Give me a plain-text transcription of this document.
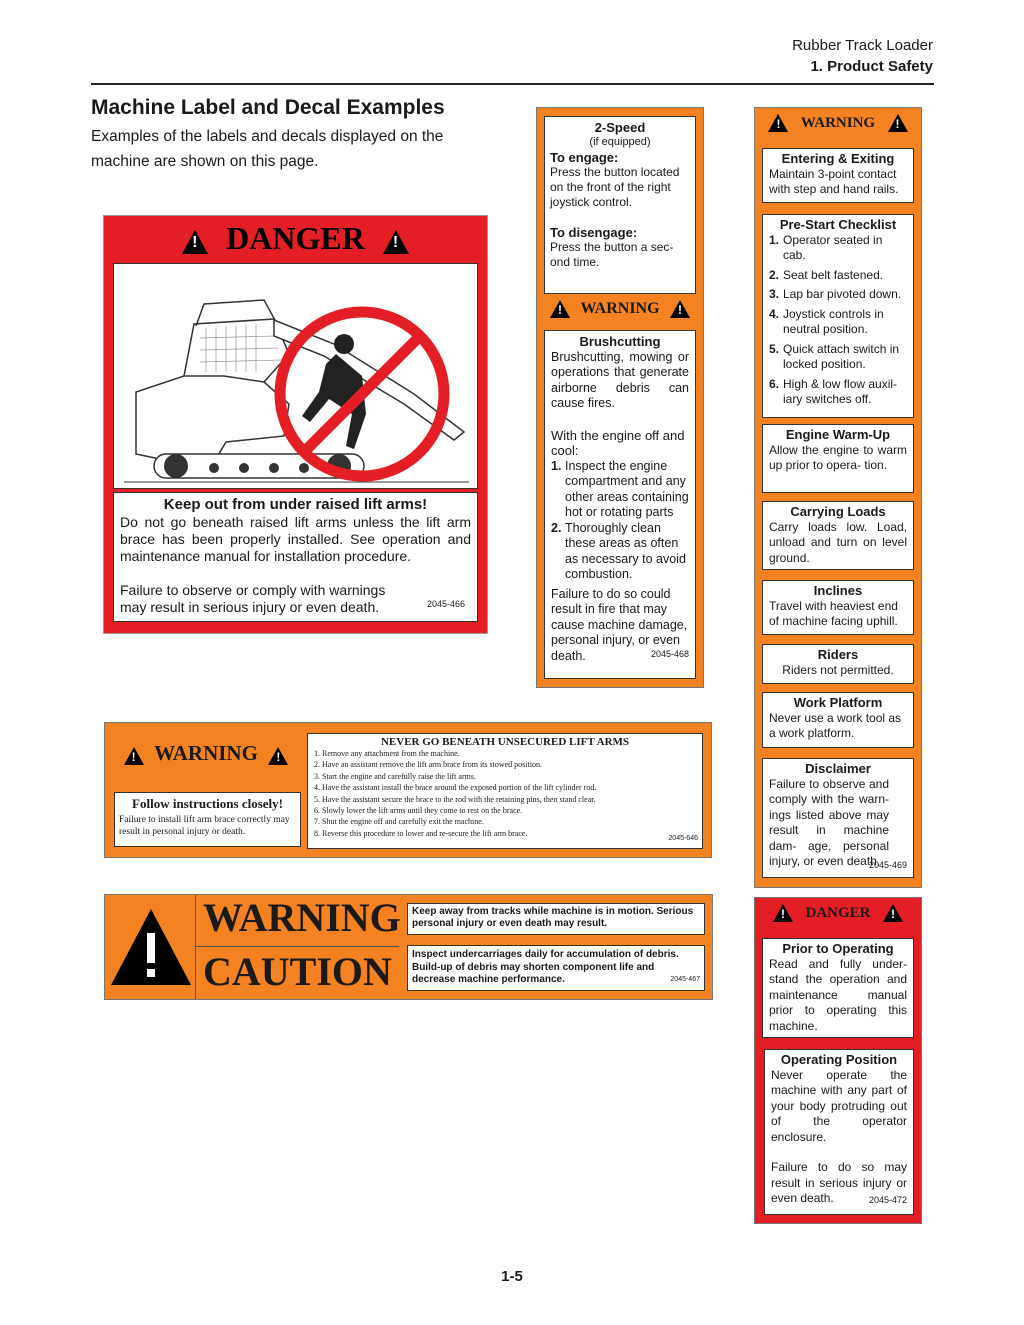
Rubber Track Loader
1. Product Safety
Machine Label and Decal Examples
Examples of the labels and decals displayed on the machine are shown on this page.
! DANGER !
Keep out from under raised lift arms!
Do not go beneath raised lift arms unless the lift arm brace has been properly installed. See operation and maintenance manual for installation procedure.
Failure to observe or comply with warnings may result in serious injury or even death.	2045-466
2-Speed
(if equipped)
To engage:
Press the button located on the front of the right joystick control.
To disengage:
Press the button a sec- ond time.
! WARNING !
Brushcutting
Brushcutting, mowing or operations that generate airborne debris can cause fires.
With the engine off and cool:
1. Inspect the engine compartment and any other areas containing hot or rotating parts
2. Thoroughly clean these areas as often as necessary to avoid combustion.
Failure to do so could result in fire that may cause machine damage, personal injury, or even death.	2045-468
! WARNING !
Entering & Exiting
Maintain 3-point contact with step and hand rails.
Pre-Start Checklist
1. Operator seated in cab.
2. Seat belt fastened.
3. Lap bar pivoted down.
4. Joystick controls in neutral position.
5. Quick attach switch in locked position.
6. High & low flow auxil- iary switches off.
Engine Warm-Up
Allow the engine to warm up prior to opera- tion.
Carrying Loads
Carry loads low. Load, unload and turn on level ground.
Inclines
Travel with heaviest end of machine facing uphill.
Riders
Riders not permitted.
Work Platform
Never use a work tool as a work platform.
Disclaimer
Failure to observe and comply with the warn- ings listed above may result in machine dam- age, personal injury, or even death.
2045-469
! WARNING !
Follow instructions closely!
Failure to install lift arm brace correctly may result in personal injury or death.
NEVER GO BENEATH UNSECURED LIFT ARMS
1. Remove any attachment from the machine.
2. Have an assistant remove the lift arm brace from its stowed position.
3. Start the engine and carefully raise the lift arms.
4. Have the assistant install the brace around the exposed portion of the lift cylinder rod.
5. Have the assistant secure the brace to the rod with the retaining pins, then stand clear.
6. Slowly lower the lift arms until they come to rest on the brace.
7. Shut the engine off and carefully exit the machine.
8. Reverse this procedure to lower and re-secure the lift arm brace.
2045-646
WARNING
CAUTION
Keep away from tracks while machine is in motion. Serious personal injury or even death may result.
Inspect undercarriages daily for accumulation of debris. Build-up of debris may shorten component life and decrease machine performance.	2045-467
! DANGER !
Prior to Operating
Read and fully under- stand the operation and maintenance manual prior to operating this machine.
Operating Position
Never operate the machine with any part of your body protruding out of the operator enclosure.
Failure to do so may result in serious injury or even death.	2045-472
1-5
